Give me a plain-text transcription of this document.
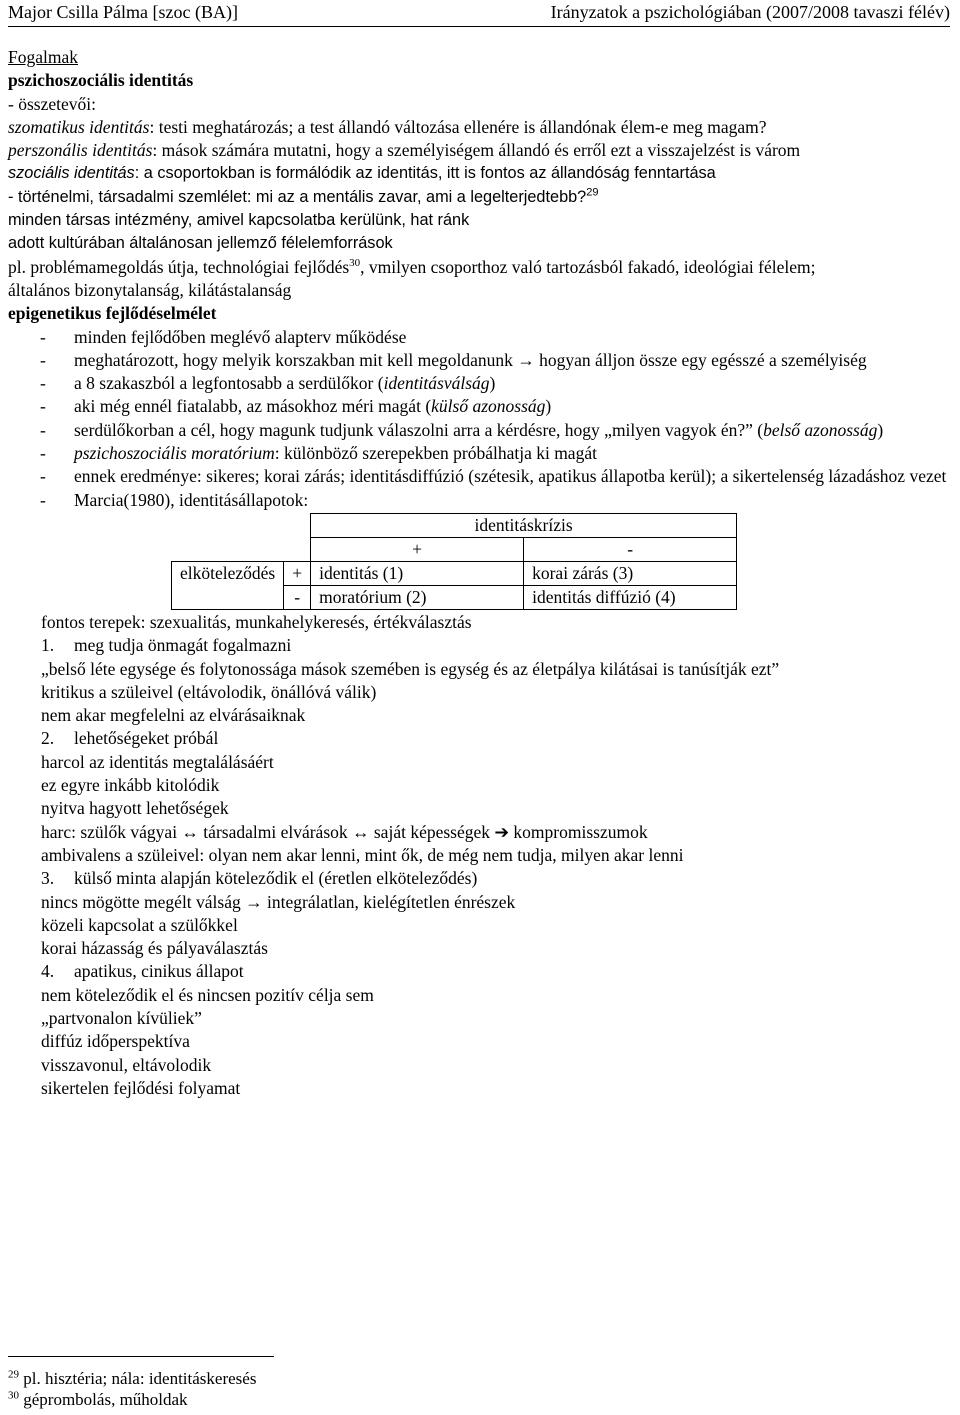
Major Csilla Pálma [szoc (BA)]	Irányzatok a pszichológiában (2007/2008 tavaszi félév)
Fogalmak
pszichoszociális identitás
- összetevői:
szomatikus identitás: testi meghatározás; a test állandó változása ellenére is állandónak élem-e meg magam?
perszonális identitás: mások számára mutatni, hogy a személyiségem állandó és erről ezt a visszajelzést is várom
szociális identitás: a csoportokban is formálódik az identitás, itt is fontos az állandóság fenntartása
- történelmi, társadalmi szemlélet: mi az a mentális zavar, ami a legelterjedtebb?$^{29}$
minden társas intézmény, amivel kapcsolatba kerülünk, hat ránk
adott kultúrában általánosan jellemző félelemforrások
pl. problémamegoldás útja, technológiai fejlődés$^{30}$, vmilyen csoporthoz való tartozásból fakadó, ideológiai félelem;
általános bizonytalanság, kilátástalanság
epigenetikus fejlődéselmélet
- minden fejlődőben meglévő alapterv működése
- meghatározott, hogy melyik korszakban mit kell megoldanunk → hogyan álljon össze egy egésszé a személyiség
- a 8 szakaszból a legfontosabb a serdülőkor (identitásválság)
- aki még ennél fiatalabb, az másokhoz méri magát (külső azonosság)
- serdülőkorban a cél, hogy magunk tudjunk válaszolni arra a kérdésre, hogy „milyen vagyok én?” (belső azonosság)
- pszichoszociális moratórium: különböző szerepekben próbálhatja ki magát
- ennek eredménye: sikeres; korai zárás; identitásdiffúzió (szétesik, apatikus állapotba kerül); a sikertelenség lázadáshoz vezet
- Marcia(1980), identitásállapotok:
		identitáskrízis	
		+	-
elköteleződés	+	identitás (1)	korai zárás (3)
	-	moratórium (2)	identitás diffúzió (4)
fontos terepek: szexualitás, munkahelykeresés, értékválasztás
1. meg tudja önmagát fogalmazni
„belső léte egysége és folytonossága mások szemében is egység és az életpálya kilátásai is tanúsítják ezt”
kritikus a szüleivel (eltávolodik, önállóvá válik)
nem akar megfelelni az elvárásaiknak
2. lehetőségeket próbál
harcol az identitás megtalálásáért
ez egyre inkább kitolódik
nyitva hagyott lehetőségek
harc: szülők vágyai ↔ társadalmi elvárások ↔ saját képességek ➔ kompromisszumok
ambivalens a szüleivel: olyan nem akar lenni, mint ők, de még nem tudja, milyen akar lenni
3. külső minta alapján köteleződik el (éretlen elköteleződés)
nincs mögötte megélt válság → integrálatlan, kielégítetlen énrészek
közeli kapcsolat a szülőkkel
korai házasság és pályaválasztás
4. apatikus, cinikus állapot
nem köteleződik el és nincsen pozitív célja sem
„partvonalon kívüliek”
diffúz időperspektíva
visszavonul, eltávolodik
sikertelen fejlődési folyamat
$^{29}$ pl. hisztéria; nála: identitáskeresés
$^{30}$ géprombolás, műholdak
